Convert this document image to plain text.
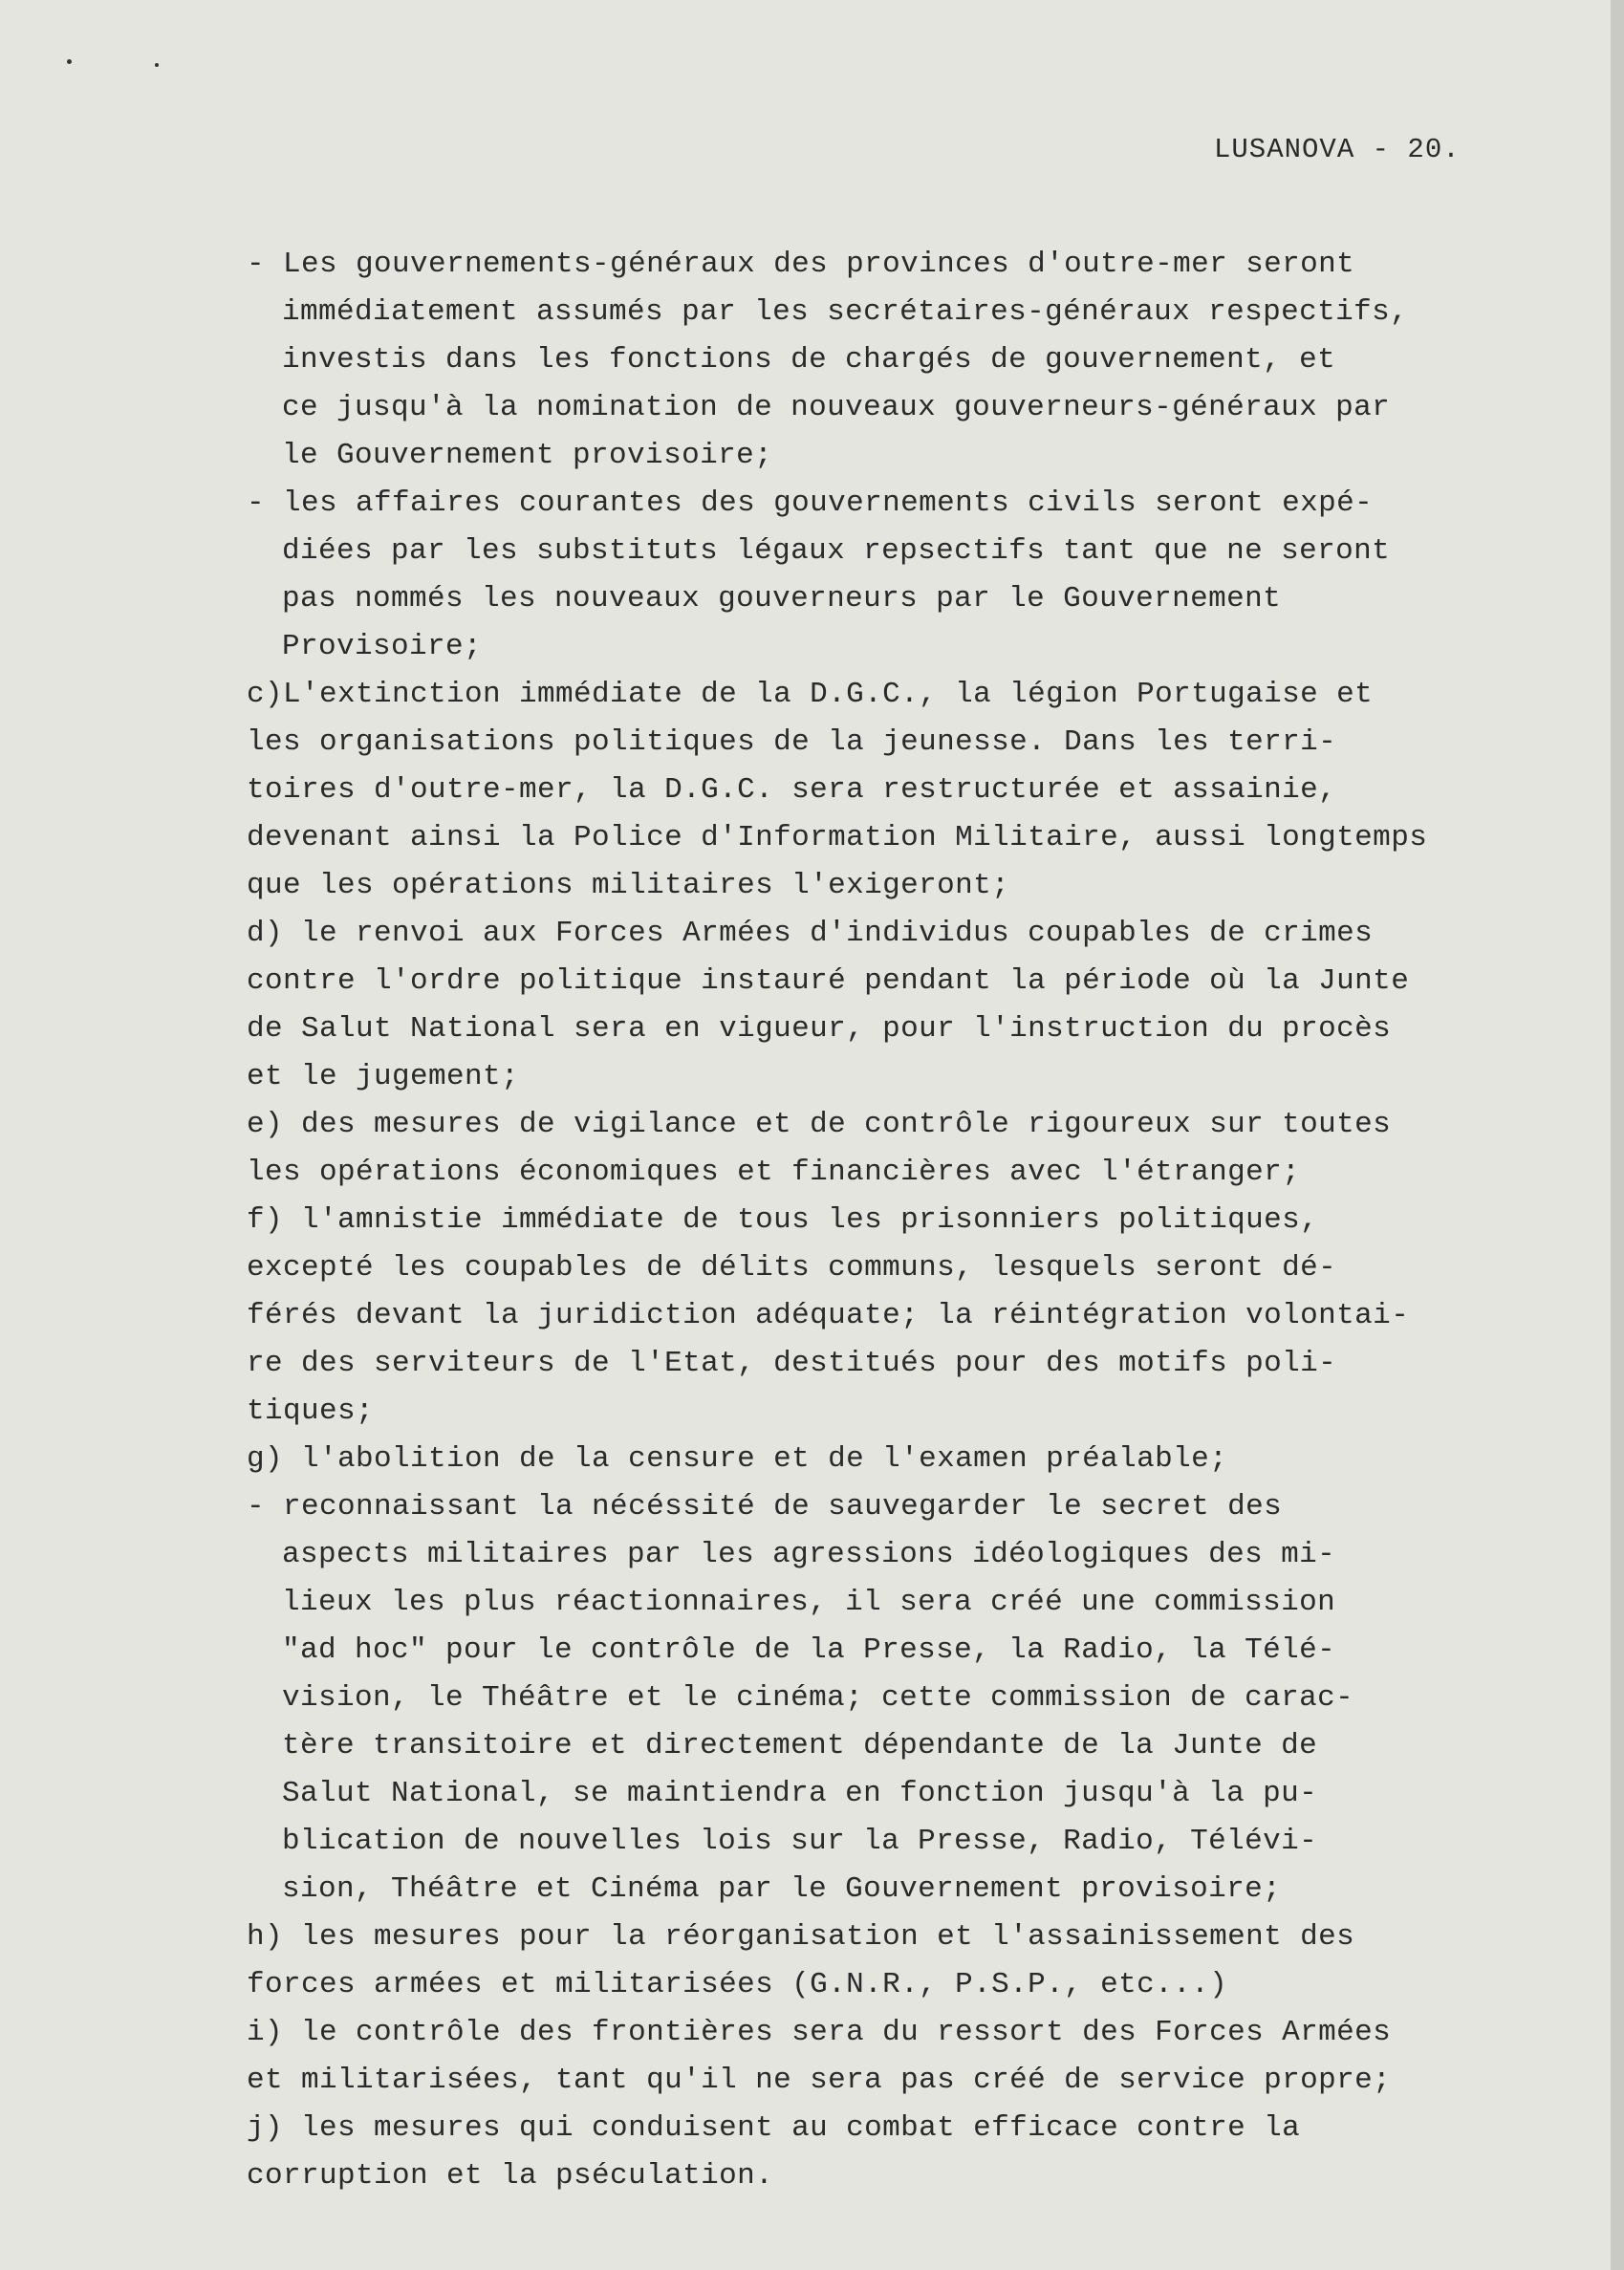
LUSANOVA - 20.
- Les gouvernements-généraux des provinces d'outre-mer seront
immédiatement assumés par les secrétaires-généraux respectifs,
investis dans les fonctions de chargés de gouvernement, et
ce jusqu'à la nomination de nouveaux gouverneurs-généraux par
le Gouvernement provisoire;
- les affaires courantes des gouvernements civils seront expé-
diées par les substituts légaux repsectifs tant que ne seront
pas nommés les nouveaux gouverneurs par le Gouvernement
Provisoire;
c)L'extinction immédiate de la D.G.C., la légion Portugaise et
les organisations politiques de la jeunesse. Dans les terri-
toires d'outre-mer, la D.G.C. sera restructurée et assainie,
devenant ainsi la Police d'Information Militaire, aussi longtemps
que les opérations militaires l'exigeront;
d) le renvoi aux Forces Armées d'individus coupables de crimes
contre l'ordre politique instauré pendant la période où la Junte
de Salut National sera en vigueur, pour l'instruction du procès
et le jugement;
e) des mesures de vigilance et de contrôle rigoureux sur toutes
les opérations économiques et financières avec l'étranger;
f) l'amnistie immédiate de tous les prisonniers politiques,
excepté les coupables de délits communs, lesquels seront dé-
férés devant la juridiction adéquate; la réintégration volontai-
re des serviteurs de l'Etat, destitués pour des motifs poli-
tiques;
g) l'abolition de la censure et de l'examen préalable;
- reconnaissant la nécéssité de sauvegarder le secret des
aspects militaires par les agressions idéologiques des mi-
lieux les plus réactionnaires, il sera créé une commission
"ad hoc" pour le contrôle de la Presse, la Radio, la Télé-
vision, le Théâtre et le cinéma; cette commission de carac-
tère transitoire et directement dépendante de la Junte de
Salut National, se maintiendra en fonction jusqu'à la pu-
blication de nouvelles lois sur la Presse, Radio, Télévi-
sion, Théâtre et Cinéma par le Gouvernement provisoire;
h) les mesures pour la réorganisation et l'assainissement des
forces armées et militarisées (G.N.R., P.S.P., etc...)
i) le contrôle des frontières sera du ressort des Forces Armées
et militarisées, tant qu'il ne sera pas créé de service propre;
j) les mesures qui conduisent au combat efficace contre la
corruption et la pséculation.
